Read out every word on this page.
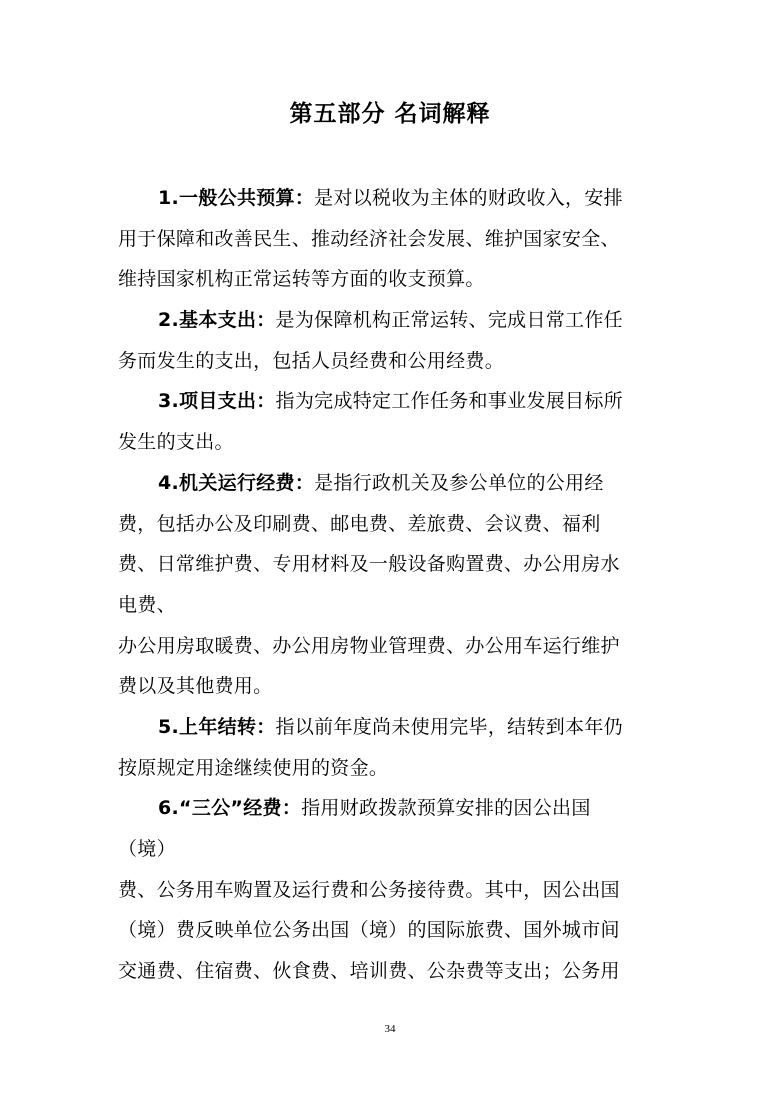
第五部分 名词解释
1.一般公共预算：是对以税收为主体的财政收入，安排
用于保障和改善民生、推动经济社会发展、维护国家安全、
维持国家机构正常运转等方面的收支预算。
2.基本支出：是为保障机构正常运转、完成日常工作任
务而发生的支出，包括人员经费和公用经费。
3.项目支出：指为完成特定工作任务和事业发展目标所
发生的支出。
4.机关运行经费：是指行政机关及参公单位的公用经
费，包括办公及印刷费、邮电费、差旅费、会议费、福利
费、日常维护费、专用材料及一般设备购置费、办公用房水
电费、
办公用房取暖费、办公用房物业管理费、办公用车运行维护
费以及其他费用。
5.上年结转：指以前年度尚未使用完毕，结转到本年仍
按原规定用途继续使用的资金。
6.“三公”经费：指用财政拨款预算安排的因公出国
（境）
费、公务用车购置及运行费和公务接待费。其中，因公出国
（境）费反映单位公务出国（境）的国际旅费、国外城市间
交通费、住宿费、伙食费、培训费、公杂费等支出；公务用
34
